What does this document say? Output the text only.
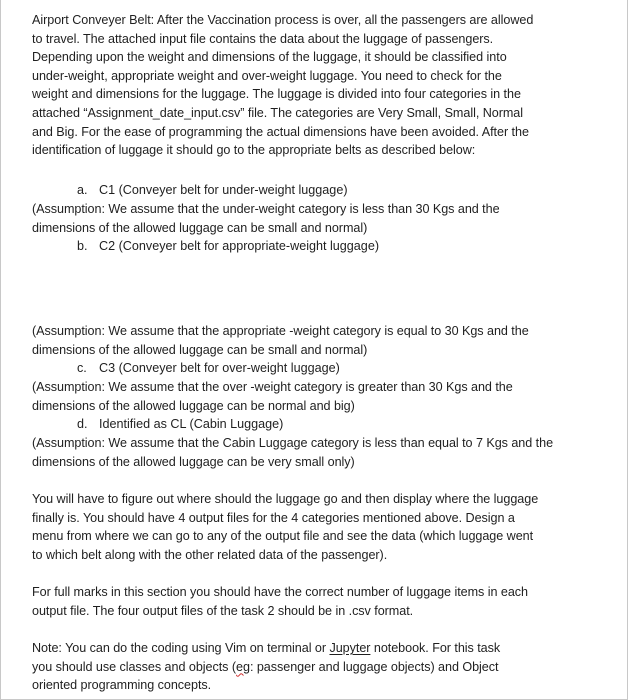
Airport Conveyer Belt: After the Vaccination process is over, all the passengers are allowed
to travel. The attached input file contains the data about the luggage of passengers.
Depending upon the weight and dimensions of the luggage, it should be classified into
under-weight, appropriate weight and over-weight luggage. You need to check for the
weight and dimensions for the luggage. The luggage is divided into four categories in the
attached “Assignment_date_input.csv” file. The categories are Very Small, Small, Normal
and Big. For the ease of programming the actual dimensions have been avoided. After the
identification of luggage it should go to the appropriate belts as described below:

a. C1 (Conveyer belt for under-weight luggage)

(Assumption: We assume that the under-weight category is less than 30 Kgs and the
dimensions of the allowed luggage can be small and normal)

b. C2 (Conveyer belt for appropriate-weight luggage)

(Assumption: We assume that the appropriate -weight category is equal to 30 Kgs and the
dimensions of the allowed luggage can be small and normal)

c. C3 (Conveyer belt for over-weight luggage)

(Assumption: We assume that the over -weight category is greater than 30 Kgs and the
dimensions of the allowed luggage can be normal and big)

d. Identified as CL (Cabin Luggage)

(Assumption: We assume that the Cabin Luggage category is less than equal to 7 Kgs and the
dimensions of the allowed luggage can be very small only)

You will have to figure out where should the luggage go and then display where the luggage
finally is. You should have 4 output files for the 4 categories mentioned above. Design a
menu from where we can go to any of the output file and see the data (which luggage went
to which belt along with the other related data of the passenger).

For full marks in this section you should have the correct number of luggage items in each
output file. The four output files of the task 2 should be in .csv format.

Note: You can do the coding using Vim on terminal or Jupyter notebook. For this task
you should use classes and objects (eg: passenger and luggage objects) and Object
oriented programming concepts.
